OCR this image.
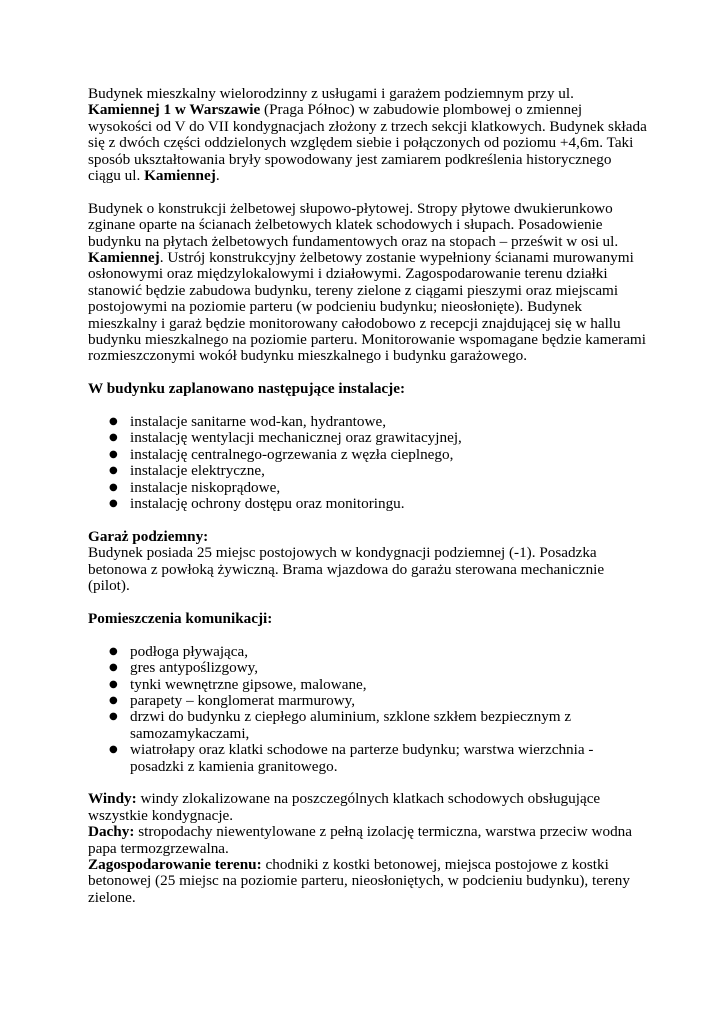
Budynek mieszkalny wielorodzinny z usługami i garażem podziemnym przy ul. Kamiennej 1 w Warszawie (Praga Północ) w zabudowie plombowej o zmiennej wysokości od V do VII kondygnacjach złożony z trzech sekcji klatkowych. Budynek składa się z dwóch części oddzielonych względem siebie i połączonych od poziomu +4,6m. Taki sposób ukształtowania bryły spowodowany jest zamiarem podkreślenia historycznego ciągu ul. Kamiennej.

Budynek o konstrukcji żelbetowej słupowo-płytowej. Stropy płytowe dwukierunkowo zginane oparte na ścianach żelbetowych klatek schodowych i słupach. Posadowienie budynku na płytach żelbetowych fundamentowych oraz na stopach – prześwit w osi ul. Kamiennej. Ustrój konstrukcyjny żelbetowy zostanie wypełniony ścianami murowanymi osłonowymi oraz międzylokalowymi i działowymi. Zagospodarowanie terenu działki stanowić będzie zabudowa budynku, tereny zielone z ciągami pieszymi oraz miejscami postojowymi na poziomie parteru (w podcieniu budynku; nieosłonięte). Budynek mieszkalny i garaż będzie monitorowany całodobowo z recepcji znajdującej się w hallu budynku mieszkalnego na poziomie parteru. Monitorowanie wspomagane będzie kamerami rozmieszczonymi wokół budynku mieszkalnego i budynku garażowego.

W budynku zaplanowano następujące instalacje:

● instalacje sanitarne wod-kan, hydrantowe,
● instalację wentylacji mechanicznej oraz grawitacyjnej,
● instalację centralnego-ogrzewania z węzła cieplnego,
● instalacje elektryczne,
● instalacje niskoprądowe,
● instalację ochrony dostępu oraz monitoringu.

Garaż podziemny:

Budynek posiada 25 miejsc postojowych w kondygnacji podziemnej (-1). Posadzka betonowa z powłoką żywiczną. Brama wjazdowa do garażu sterowana mechanicznie (pilot).

Pomieszczenia komunikacji:

● podłoga pływająca,
● gres antypoślizgowy,
● tynki wewnętrzne gipsowe, malowane,
● parapety – konglomerat marmurowy,
● drzwi do budynku z ciepłego aluminium, szklone szkłem bezpiecznym z samozamykaczami,
● wiatrołapy oraz klatki schodowe na parterze budynku; warstwa wierzchnia - posadzki z kamienia granitowego.

Windy: windy zlokalizowane na poszczególnych klatkach schodowych obsługujące wszystkie kondygnacje.

Dachy: stropodachy niewentylowane z pełną izolację termiczna, warstwa przeciw wodna papa termozgrzewalna.

Zagospodarowanie terenu: chodniki z kostki betonowej, miejsca postojowe z kostki betonowej (25 miejsc na poziomie parteru, nieosłoniętych, w podcieniu budynku), tereny zielone.
